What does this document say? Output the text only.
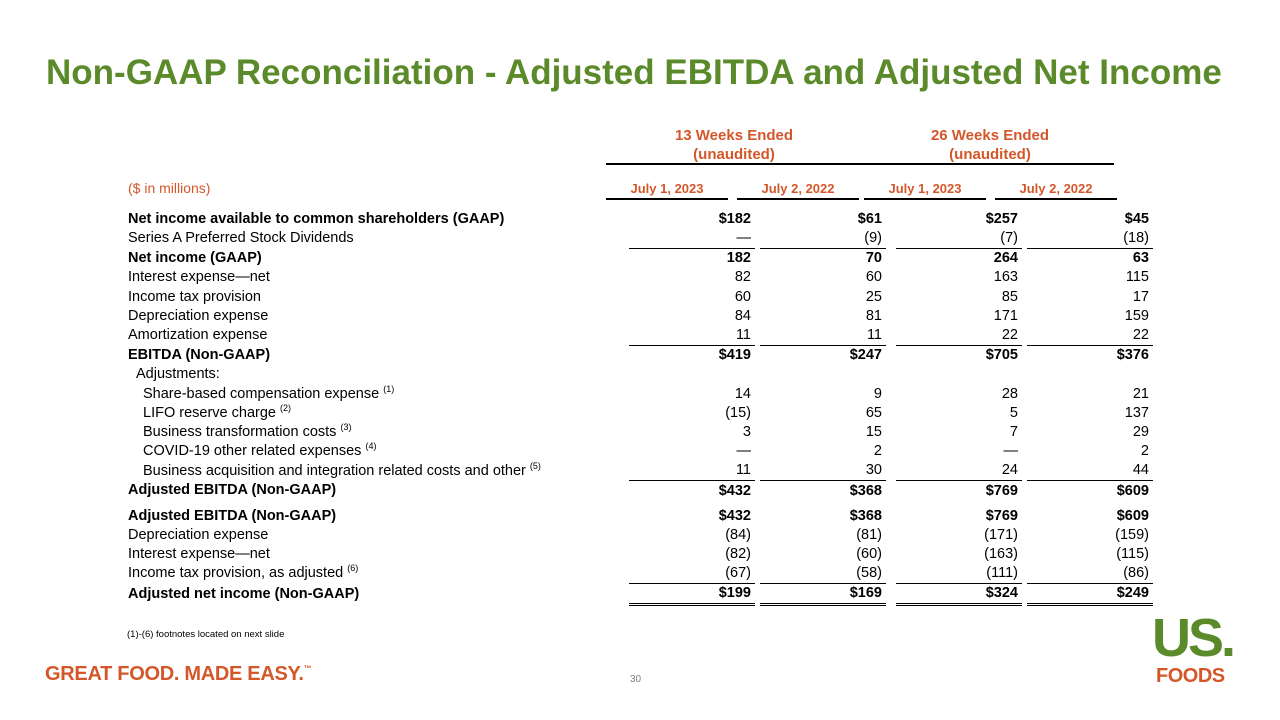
Non-GAAP Reconciliation - Adjusted EBITDA and Adjusted Net Income
13 Weeks Ended
(unaudited)
26 Weeks Ended
(unaudited)
($ in millions)	July 1, 2023	July 2, 2022	July 1, 2023	July 2, 2022
Net income available to common shareholders (GAAP)		$182		$61		$257		$45
Series A Preferred Stock Dividends		—		(9)		(7)		(18)
Net income (GAAP)		182		70		264		63
Interest expense—net		82		60		163		115
Income tax provision		60		25		85		17
Depreciation expense		84		81		171		159
Amortization expense		11		11		22		22
EBITDA (Non-GAAP)		$419		$247		$705		$376
Adjustments:								
Share-based compensation expense $^{(1)}$		14		9		28		21
LIFO reserve charge $^{(2)}$		(15)		65		5		137
Business transformation costs $^{(3)}$		3		15		7		29
COVID-19 other related expenses $^{(4)}$		—		2		—		2
Business acquisition and integration related costs and other $^{(5)}$		11		30		24		44
Adjusted EBITDA (Non-GAAP)		$432		$368		$769		$609
Adjusted EBITDA (Non-GAAP)		$432		$368		$769		$609
Depreciation expense		(84)		(81)		(171)		(159)
Interest expense—net		(82)		(60)		(163)		(115)
Income tax provision, as adjusted $^{(6)}$		(67)		(58)		(111)		(86)
Adjusted net income (Non-GAAP)		$199		$169		$324		$249
(1)-(6) footnotes located on next slide
GREAT FOOD. MADE EASY.™
30
US.
FOODS
